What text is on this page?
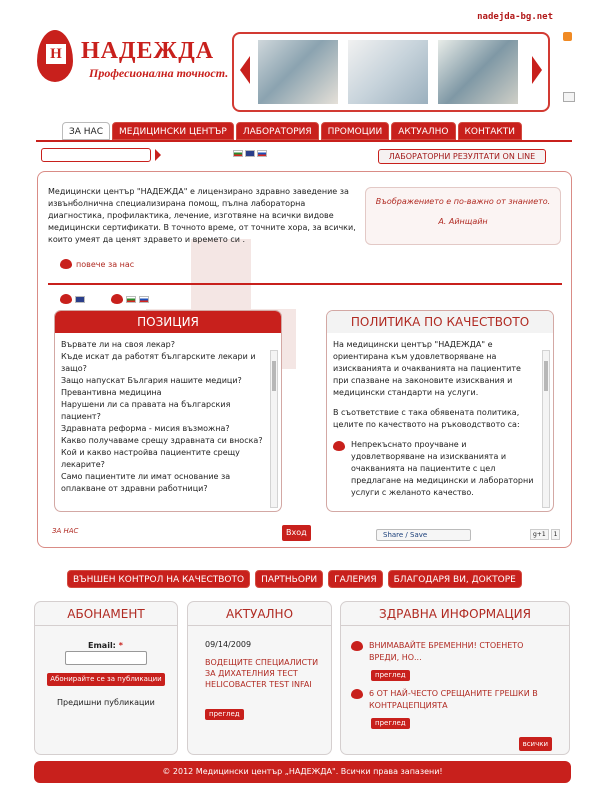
nadejda-bg.net
Н НАДЕЖДА
Професионална точност.
ЗА НАС	МЕДИЦИНСКИ ЦЕНТЪР	ЛАБОРАТОРИЯ	ПРОМОЦИИ	АКТУАЛНО	КОНТАКТИ
ЛАБОРАТОРНИ РЕЗУЛТАТИ ON LINE
Медицински център "НАДЕЖДА" е лицензирано здравно заведение за извънболнична специализирана помощ, пълна лабораторна диагностика, профилактика, лечение, изготвяне на всички видове медицински сертификати. В точното време, от точните хора, за всички, които умеят да ценят здравето и времето си .
Въображението е по-важно от знанието.
А. Айнщайн
повече за нас
ПОЗИЦИЯ
Вървате ли на своя лекар?
Къде искат да работят българските лекари и защо?
Защо напускат България нашите медици?
Превантивна медицина
Нарушени ли са правата на българския пациент?
Здравната реформа - мисия възможна?
Какво получаваме срещу здравната си вноска?
Кой и какво настройва пациентите срещу лекарите?
Само пациентите ли имат основание за оплакване от здравни работници?
ПОЛИТИКА ПО КАЧЕСТВОТО
На медицински център "НАДЕЖДА" е ориентирана към удовлетворяване на изискванията и очакванията на пациентите при спазване на законовите изисквания и медицински стандарти на услуги.
В съответствие с така обявената политика, целите по качеството на ръководството са:
Непрекъснато проучване и удовлетворяване на изискванията и очакванията на пациентите с цел предлагане на медицински и лабораторни услуги с желаното качество.
ЗА НАС	Вход	Share / Save	g+1	1
ВЪНШЕН КОНТРОЛ НА КАЧЕСТВОТО	ПАРТНЬОРИ	ГАЛЕРИЯ	БЛАГОДАРЯ ВИ, ДОКТОРЕ
АБОНАМЕНТ
Email: *
Абонирайте се за публикации
Предишни публикации
АКТУАЛНО
09/14/2009
ВОДЕЩИТЕ СПЕЦИАЛИСТИ ЗА ДИХАТЕЛНИЯ ТЕСТ HELICOBACTER TEST INFAI
преглед
ЗДРАВНА ИНФОРМАЦИЯ
ВНИМАВАЙТЕ БРЕМЕННИ! СТОЕНЕТО ВРЕДИ, НО...
преглед
6 ОТ НАЙ-ЧЕСТО СРЕЩАНИТЕ ГРЕШКИ В КОНТРАЦЕПЦИЯТА
преглед
всички
© 2012 Медицински център „НАДЕЖДА". Всички права запазени!
